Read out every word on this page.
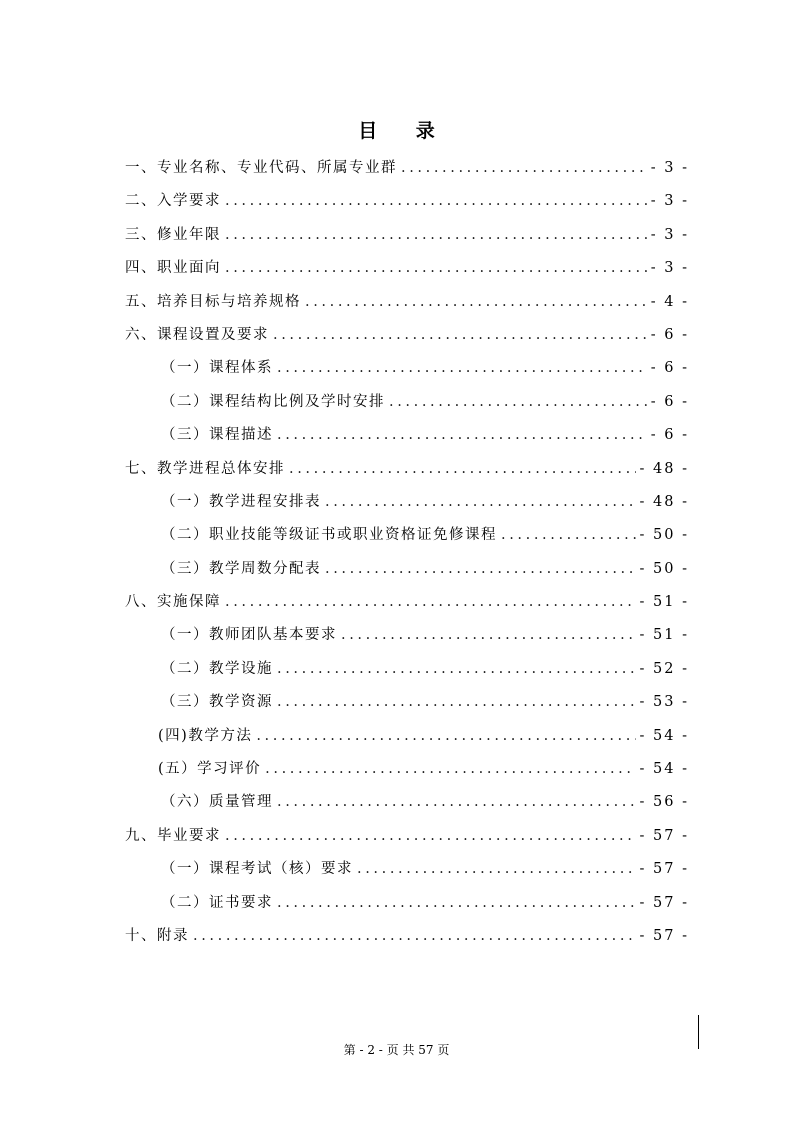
目 录
一、专业名称、专业代码、所属专业群 .....	- 3 -
二、入学要求 .....	- 3 -
三、修业年限 .....	- 3 -
四、职业面向 .....	- 3 -
五、培养目标与培养规格 .....	- 4 -
六、课程设置及要求 .....	- 6 -
（一）课程体系 .....	- 6 -
（二）课程结构比例及学时安排 .....	- 6 -
（三）课程描述 .....	- 6 -
七、教学进程总体安排 .....	- 48 -
（一）教学进程安排表 .....	- 48 -
（二）职业技能等级证书或职业资格证免修课程 .....	- 50 -
（三）教学周数分配表 .....	- 50 -
八、实施保障 .....	- 51 -
（一）教师团队基本要求 .....	- 51 -
（二）教学设施 .....	- 52 -
（三）教学资源 .....	- 53 -
(四)教学方法 .....	- 54 -
(五）学习评价 .....	- 54 -
（六）质量管理 .....	- 56 -
九、毕业要求 .....	- 57 -
（一）课程考试（核）要求 .....	- 57 -
（二）证书要求 .....	- 57 -
十、附录 .....	- 57 -
第 - 2 - 页 共 57 页
